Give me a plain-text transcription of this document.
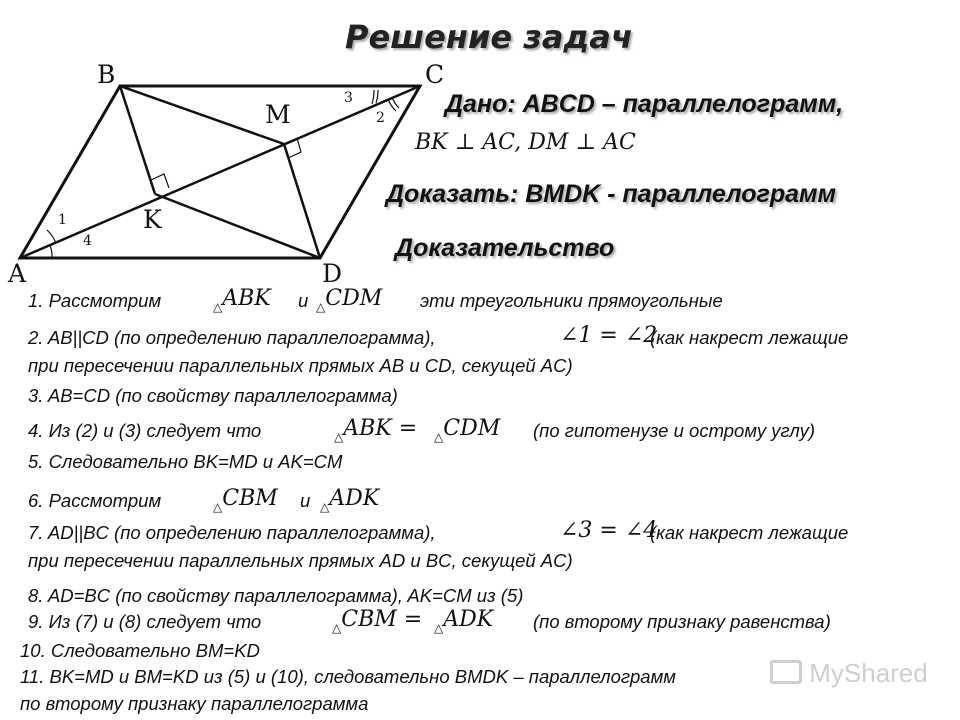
Решение задач
B	C
M
K
A	D
3
2
1
4
Дано: ABCD – параллелограмм,
BK ⊥ AC, DM ⊥ AC
Доказать: BMDK - параллелограмм
Доказательство
1. Рассмотрим	$_\triangle$ABK и $_\triangle$CDM эти треугольники прямоугольные
2. AB||CD (по определению параллелограмма),	∠1 = ∠2
(как накрест лежащие
при пересечении параллельных прямых AB и CD, секущей AC)
3. AB=CD (по свойству параллелограмма)
4. Из (2) и (3) следует что	$_\triangle$ABK = $_\triangle$CDM (по гипотенузе и острому углу)
5. Следовательно BK=MD и AK=CM
6. Рассмотрим	$_\triangle$CBM и $_\triangle$ADK
7. AD||BC (по определению параллелограмма),	∠3 = ∠4
(как накрест лежащие
при пересечении параллельных прямых AD и BC, секущей AC)
8. AD=BC (по свойству параллелограмма), AK=CM из (5)
9. Из (7) и (8) следует что	$_\triangle$CBM = $_\triangle$ADK (по второму признаку равенства)
10. Следовательно BM=KD
MyShared
11. BK=MD и BM=KD из (5) и (10), следовательно BMDK – параллелограмм
по второму признаку параллелограмма
